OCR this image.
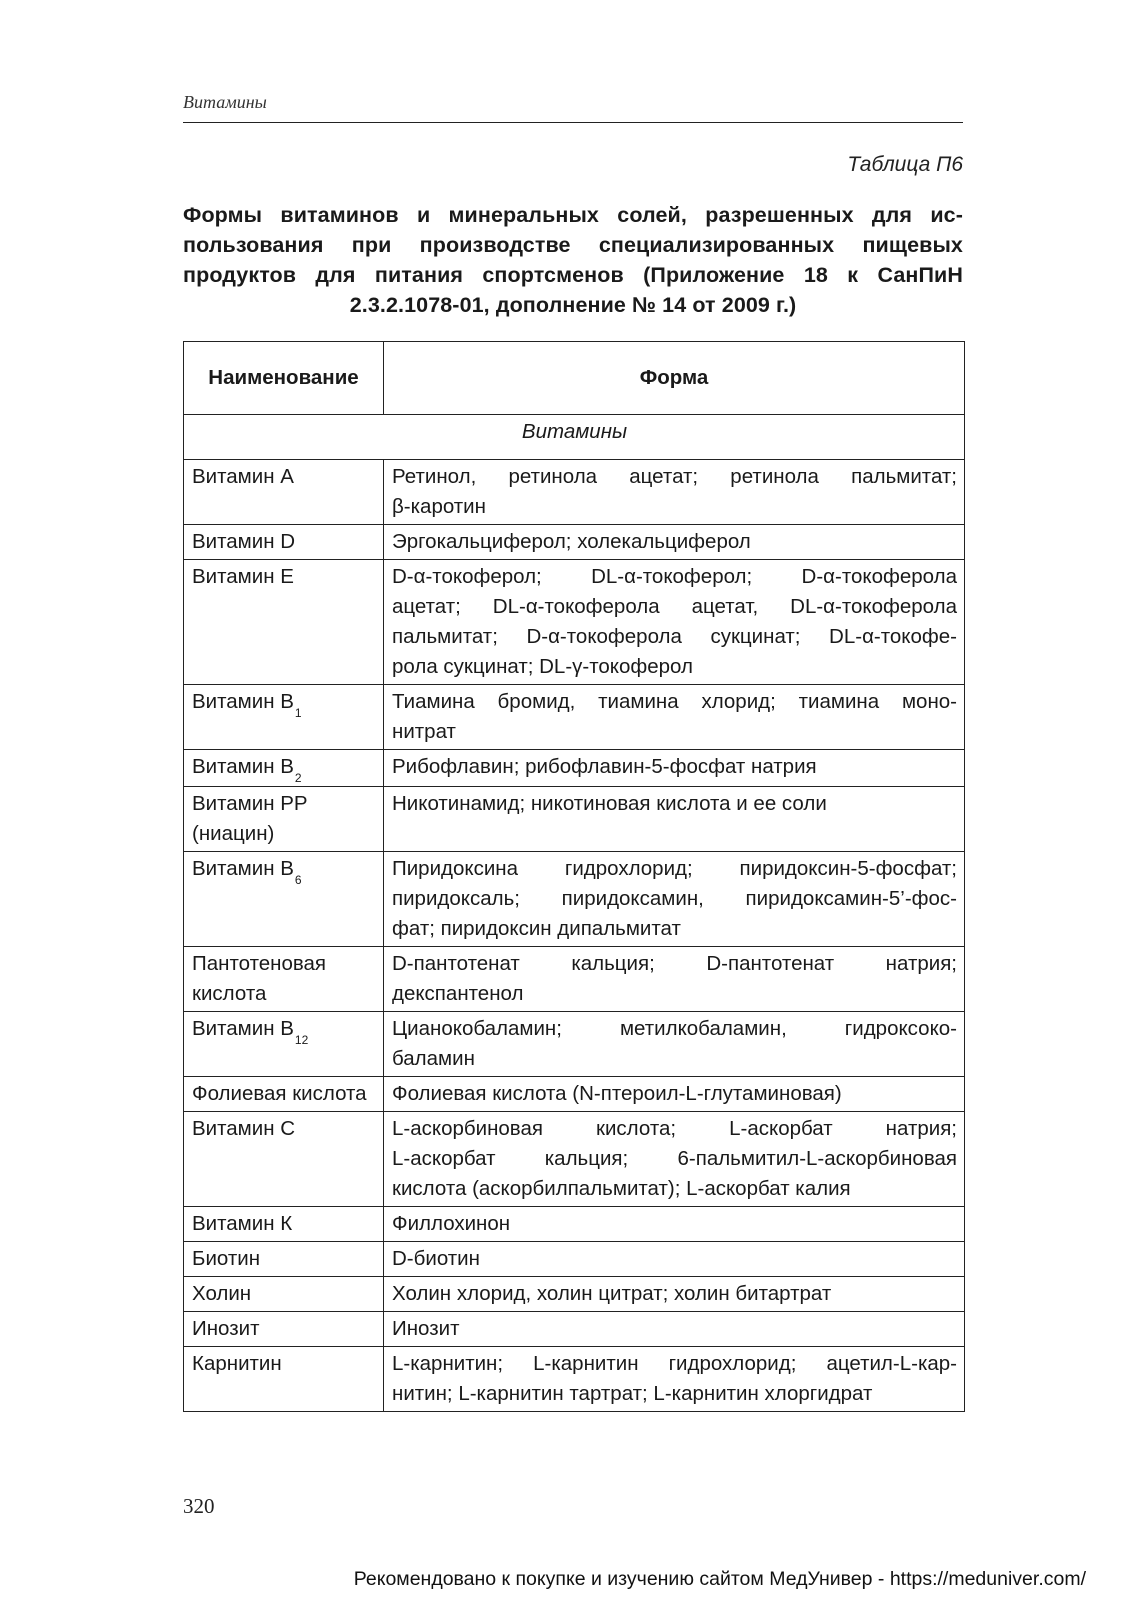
Витамины
Таблица П6
Формы витаминов и минеральных солей, разрешенных для ис-
пользования при производстве специализированных пищевых
продуктов для питания спортсменов (Приложение 18 к СанПиН
2.3.2.1078-01, дополнение № 14 от 2009 г.)
Наименование	Форма
Витамины	
Витамин А	Ретинол, ретинола ацетат; ретинола пальмитат;
β-каротин

Витамин D	Эргокальциферол; холекальциферол

Витамин Е	D-α-токоферол; DL-α-токоферол; D-α-токоферола
ацетат; DL-α-токоферола ацетат, DL-α-токоферола
пальмитат; D-α-токоферола сукцинат; DL-α-токофе-
рола сукцинат; DL-γ-токоферол

Витамин $В_1$	Тиамина бромид, тиамина хлорид; тиамина моно-
нитрат

Витамин $В_2$	Рибофлавин; рибофлавин-5-фосфат натрия

Витамин РР (ниацин)	Никотинамид; никотиновая кислота и ее соли

Витамин $В_6$	Пиридоксина гидрохлорид; пиридоксин-5-фосфат;
пиридоксаль; пиридоксамин, пиридоксамин-5’-фос-
фат; пиридоксин дипальмитат

Пантотеновая кислота	D-пантотенат кальция; D-пантотенат натрия;
декспантенол

Витамин $В_{12}$	Цианокобаламин; метилкобаламин, гидроксоко-
баламин

Фолиевая кислота	Фолиевая кислота (N-птероил-L-глутаминовая)

Витамин С	L-аскорбиновая кислота; L-аскорбат натрия;
L-аскорбат кальция; 6-пальмитил-L-аскорбиновая
кислота (аскорбилпальмитат); L-аскорбат калия

Витамин К	Филлохинон

Биотин	D-биотин

Холин	Холин хлорид, холин цитрат; холин битартрат

Инозит	Инозит

Карнитин	L-карнитин; L-карнитин гидрохлорид; ацетил-L-кар-
нитин; L-карнитин тартрат; L-карнитин хлоргидрат
320
Рекомендовано к покупке и изучению сайтом МедУнивер - https://meduniver.com/
